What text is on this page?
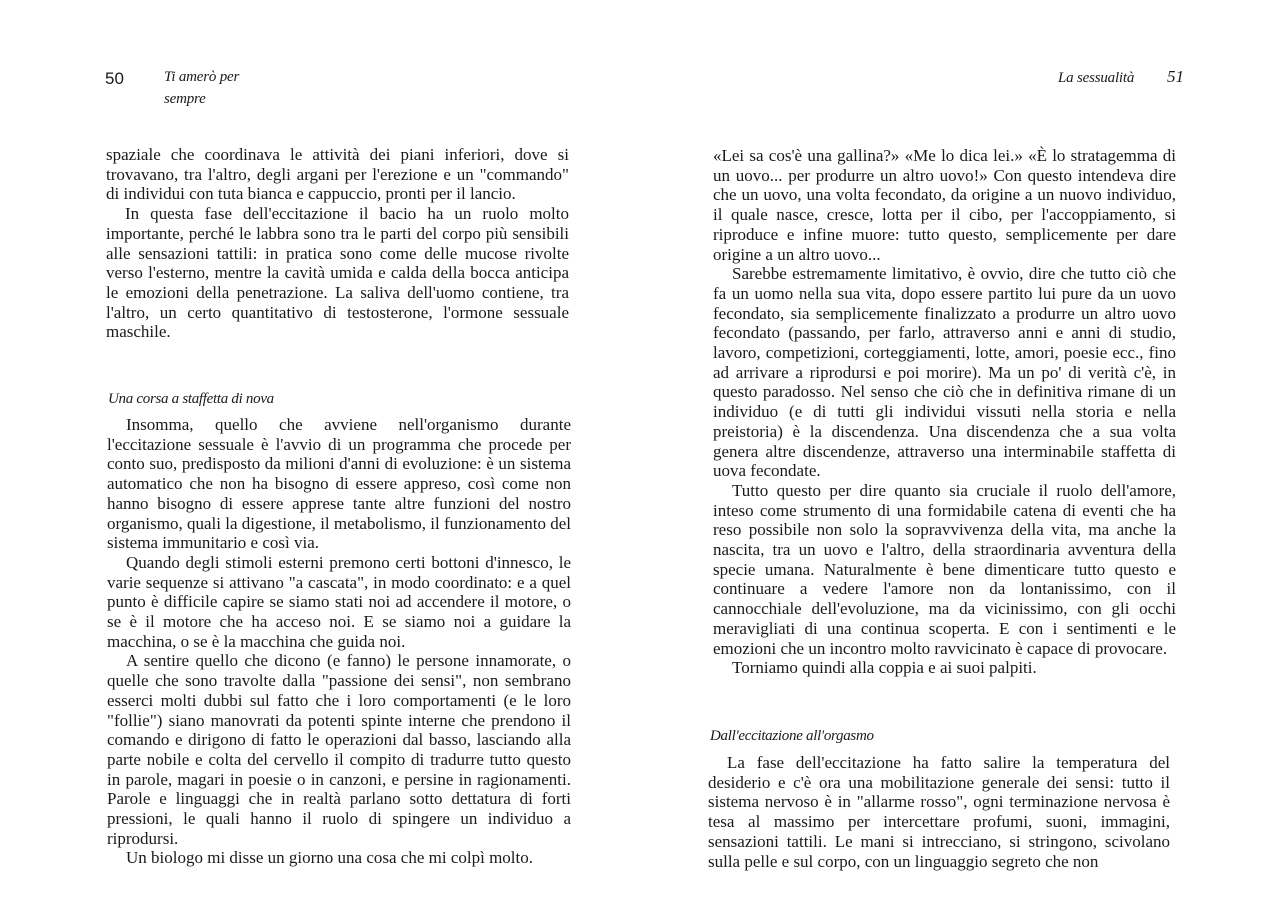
50	Ti amerò per sempre

spaziale che coordinava le attività dei piani inferiori, dove si trovavano, tra l'altro, degli argani per l'erezione e un "commando" di individui con tuta bianca e cappuccio, pronti per il lancio.

In questa fase dell'eccitazione il bacio ha un ruolo molto importante, perché le labbra sono tra le parti del corpo più sensibili alle sensazioni tattili: in pratica sono come delle mucose rivolte verso l'esterno, mentre la cavità umida e calda della bocca anticipa le emozioni della penetrazione. La saliva dell'uomo contiene, tra l'altro, un certo quantitativo di testosterone, l'ormone sessuale maschile.

Una corsa a staffetta di nova

Insomma, quello che avviene nell'organismo durante l'eccitazione sessuale è l'avvio di un programma che procede per conto suo, predisposto da milioni d'anni di evoluzione: è un sistema automatico che non ha bisogno di essere appreso, così come non hanno bisogno di essere apprese tante altre funzioni del nostro organismo, quali la digestione, il metabolismo, il funzionamento del sistema immunitario e così via.

Quando degli stimoli esterni premono certi bottoni d'innesco, le varie sequenze si attivano "a cascata", in modo coordinato: e a quel punto è difficile capire se siamo stati noi ad accendere il motore, o se è il motore che ha acceso noi. E se siamo noi a guidare la macchina, o se è la macchina che guida noi.

A sentire quello che dicono (e fanno) le persone innamorate, o quelle che sono travolte dalla "passione dei sensi", non sembrano esserci molti dubbi sul fatto che i loro comportamenti (e le loro "follie") siano manovrati da potenti spinte interne che prendono il comando e dirigono di fatto le operazioni dal basso, lasciando alla parte nobile e colta del cervello il compito di tradurre tutto questo in parole, magari in poesie o in canzoni, e persine in ragionamenti. Parole e linguaggi che in realtà parlano sotto dettatura di forti pressioni, le quali hanno il ruolo di spingere un individuo a riprodursi.

Un biologo mi disse un giorno una cosa che mi colpì molto.

La sessualità	51

«Lei sa cos'è una gallina?» «Me lo dica lei.» «È lo stratagemma di un uovo... per produrre un altro uovo!» Con questo intendeva dire che un uovo, una volta fecondato, da origine a un nuovo individuo, il quale nasce, cresce, lotta per il cibo, per l'accoppiamento, si riproduce e infine muore: tutto questo, semplicemente per dare origine a un altro uovo...

Sarebbe estremamente limitativo, è ovvio, dire che tutto ciò che fa un uomo nella sua vita, dopo essere partito lui pure da un uovo fecondato, sia semplicemente finalizzato a produrre un altro uovo fecondato (passando, per farlo, attraverso anni e anni di studio, lavoro, competizioni, corteggiamenti, lotte, amori, poesie ecc., fino ad arrivare a riprodursi e poi morire). Ma un po' di verità c'è, in questo paradosso. Nel senso che ciò che in definitiva rimane di un individuo (e di tutti gli individui vissuti nella storia e nella preistoria) è la discendenza. Una discendenza che a sua volta genera altre discendenze, attraverso una interminabile staffetta di uova fecondate.

Tutto questo per dire quanto sia cruciale il ruolo dell'amore, inteso come strumento di una formidabile catena di eventi che ha reso possibile non solo la sopravvivenza della vita, ma anche la nascita, tra un uovo e l'altro, della straordinaria avventura della specie umana. Naturalmente è bene dimenticare tutto questo e continuare a vedere l'amore non da lontanissimo, con il cannocchiale dell'evoluzione, ma da vicinissimo, con gli occhi meravigliati di una continua scoperta. E con i sentimenti e le emozioni che un incontro molto ravvicinato è capace di provocare.

Torniamo quindi alla coppia e ai suoi palpiti.

Dall'eccitazione all'orgasmo

La fase dell'eccitazione ha fatto salire la temperatura del desiderio e c'è ora una mobilitazione generale dei sensi: tutto il sistema nervoso è in "allarme rosso", ogni terminazione nervosa è tesa al massimo per intercettare profumi, suoni, immagini, sensazioni tattili. Le mani si intrecciano, si stringono, scivolano sulla pelle e sul corpo, con un linguaggio segreto che non
